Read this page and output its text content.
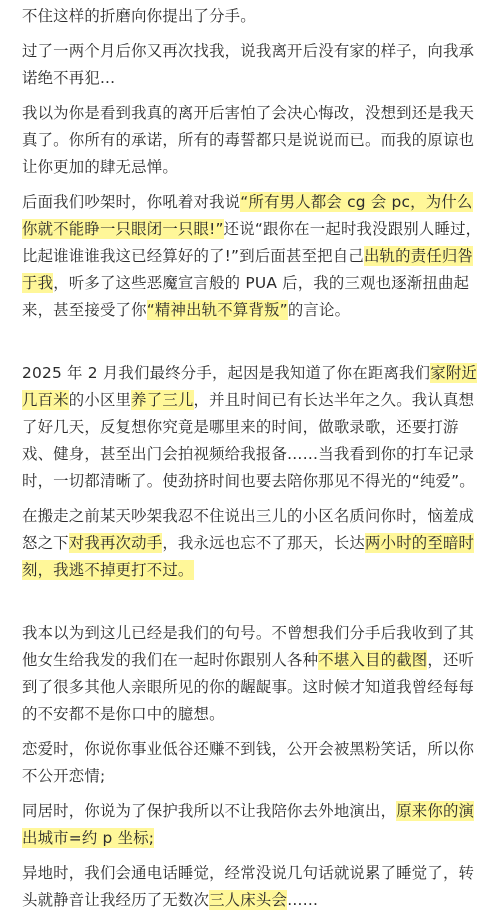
不住这样的折磨向你提出了分手。

过了一两个月后你又再次找我，说我离开后没有家的样子，向我承诺绝不再犯...

我以为你是看到我真的离开后害怕了会决心悔改，没想到还是我天真了。你所有的承诺，所有的毒誓都只是说说而已。而我的原谅也让你更加的肆无忌惮。

后面我们吵架时，你吼着对我说“所有男人都会 cg 会 pc，为什么你就不能睁一只眼闭一只眼!”还说“跟你在一起时我没跟别人睡过，比起谁谁谁我这已经算好的了!”到后面甚至把自己出轨的责任归咎于我，听多了这些恶魔宣言般的 PUA 后，我的三观也逐渐扭曲起来，甚至接受了你“精神出轨不算背叛”的言论。

2025 年 2 月我们最终分手，起因是我知道了你在距离我们家附近几百米的小区里养了三儿，并且时间已有长达半年之久。我认真想了好几天，反复想你究竟是哪里来的时间，做歌录歌，还要打游戏、健身，甚至出门会拍视频给我报备……当我看到你的打车记录时，一切都清晰了。使劲挤时间也要去陪你那见不得光的“纯爱”。

在搬走之前某天吵架我忍不住说出三儿的小区名质问你时，恼羞成怒之下对我再次动手，我永远也忘不了那天，长达两小时的至暗时刻，我逃不掉更打不过。

我本以为到这儿已经是我们的句号。不曾想我们分手后我收到了其他女生给我发的我们在一起时你跟别人各种不堪入目的截图，还听到了很多其他人亲眼所见的你的龌龊事。这时候才知道我曾经每每的不安都不是你口中的臆想。

恋爱时，你说你事业低谷还赚不到钱，公开会被黑粉笑话，所以你不公开恋情;

同居时，你说为了保护我所以不让我陪你去外地演出，原来你的演出城市=约 p 坐标;

异地时，我们会通电话睡觉，经常没说几句话就说累了睡觉了，转头就静音让我经历了无数次三人床头会……
